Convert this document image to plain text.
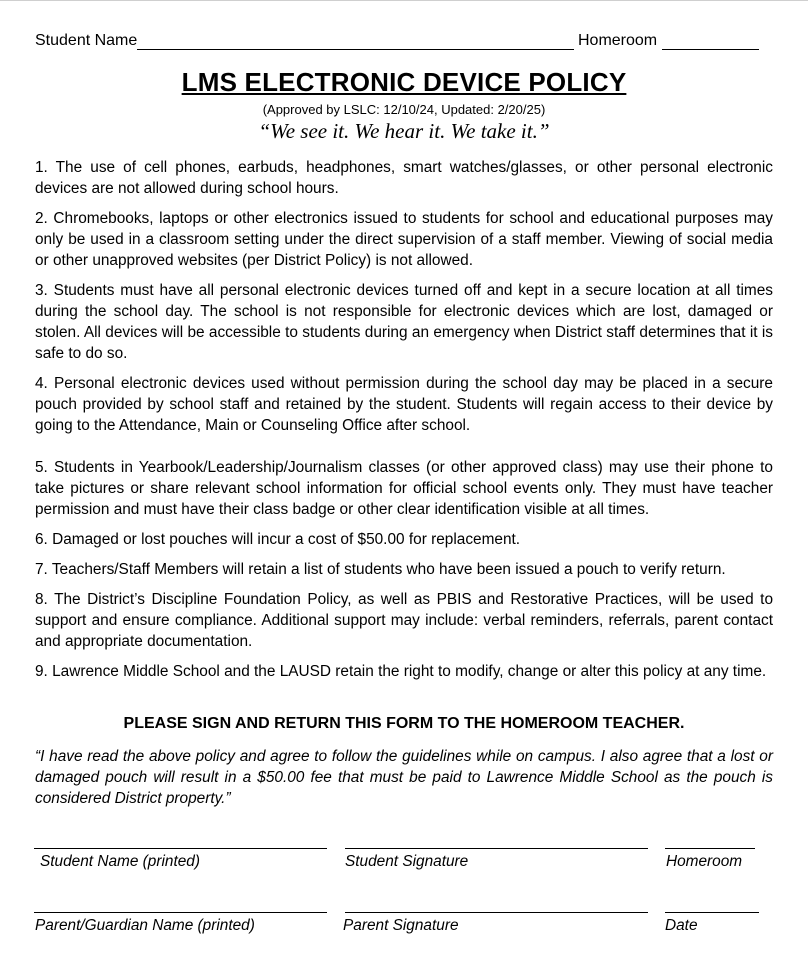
Student Name	Homeroom
LMS ELECTRONIC DEVICE POLICY
(Approved by LSLC: 12/10/24, Updated: 2/20/25)
“We see it. We hear it. We take it.”

1. The use of cell phones, earbuds, headphones, smart watches/glasses, or other personal electronic devices are not allowed during school hours.

2. Chromebooks, laptops or other electronics issued to students for school and educational purposes may only be used in a classroom setting under the direct supervision of a staff member. Viewing of social media or other unapproved websites (per District Policy) is not allowed.

3. Students must have all personal electronic devices turned off and kept in a secure location at all times during the school day. The school is not responsible for electronic devices which are lost, damaged or stolen. All devices will be accessible to students during an emergency when District staff determines that it is safe to do so.

4. Personal electronic devices used without permission during the school day may be placed in a secure pouch provided by school staff and retained by the student. Students will regain access to their device by going to the Attendance, Main or Counseling Office after school.

5. Students in Yearbook/Leadership/Journalism classes (or other approved class) may use their phone to take pictures or share relevant school information for official school events only. They must have teacher permission and must have their class badge or other clear identification visible at all times.

6. Damaged or lost pouches will incur a cost of $50.00 for replacement.

7. Teachers/Staff Members will retain a list of students who have been issued a pouch to verify return.

8. The District’s Discipline Foundation Policy, as well as PBIS and Restorative Practices, will be used to support and ensure compliance. Additional support may include: verbal reminders, referrals, parent contact and appropriate documentation.

9. Lawrence Middle School and the LAUSD retain the right to modify, change or alter this policy at any time.

PLEASE SIGN AND RETURN THIS FORM TO THE HOMEROOM TEACHER.
“I have read the above policy and agree to follow the guidelines while on campus. I also agree that a lost or damaged pouch will result in a $50.00 fee that must be paid to Lawrence Middle School as the pouch is considered District property.”
Student Name (printed)	Student Signature	Homeroom
Parent/Guardian Name (printed)	Parent Signature	Date
